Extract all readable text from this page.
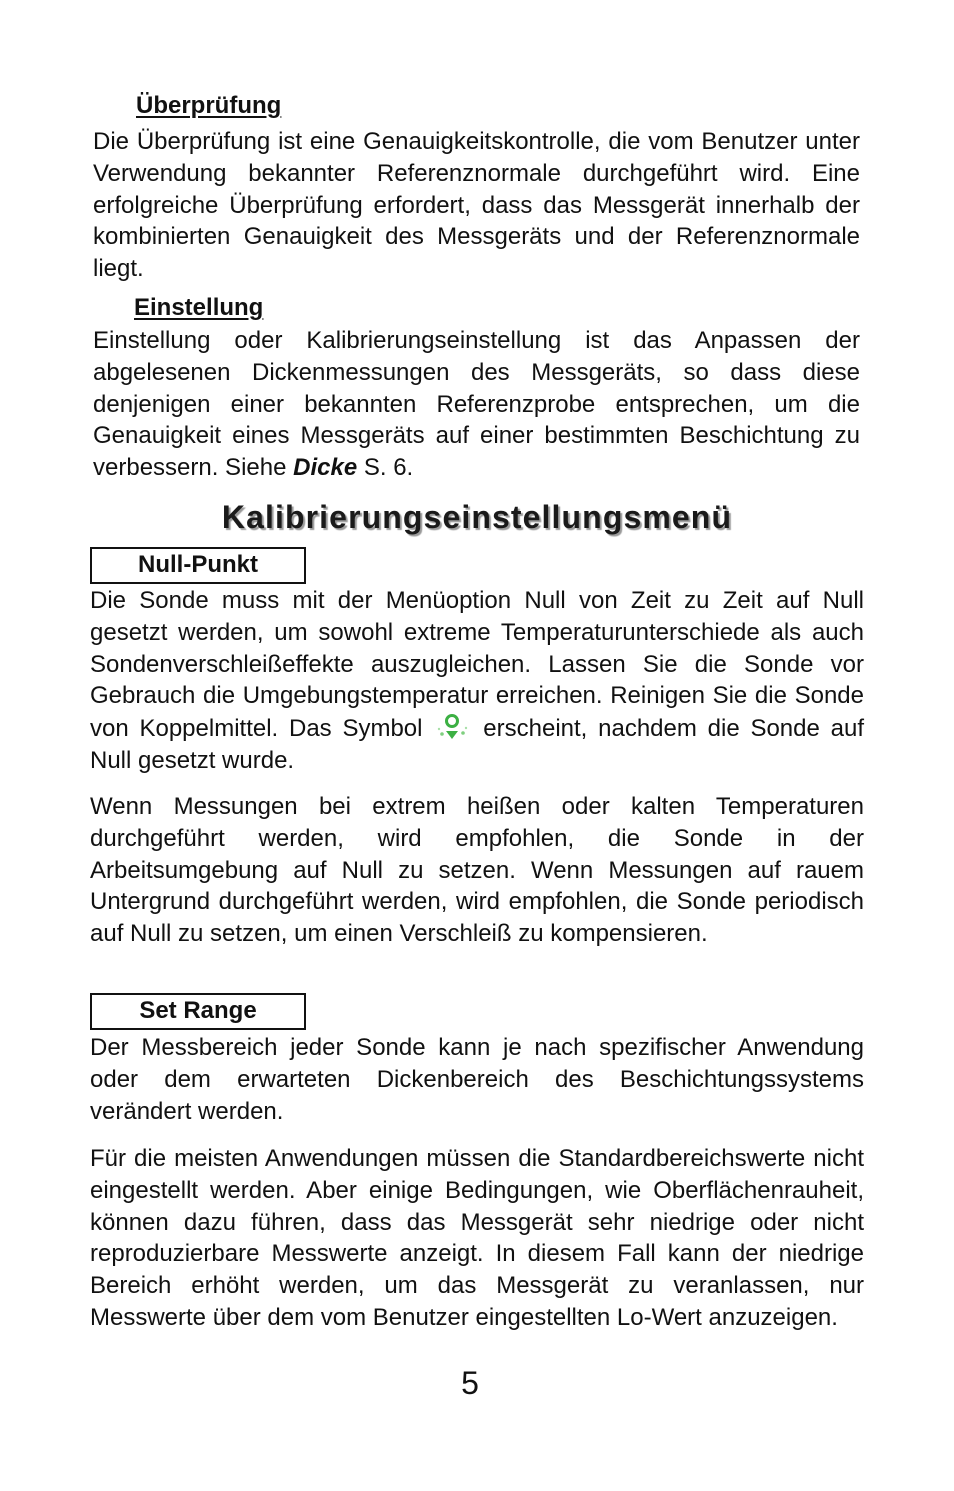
Überprüfung

Die Überprüfung ist eine Genauigkeitskontrolle, die vom Benutzer unter Verwendung bekannter Referenznormale durchgeführt wird. Eine erfolgreiche Überprüfung erfordert, dass das Messgerät innerhalb der kombinierten Genauigkeit des Messgeräts und der Referenznormale liegt.

Einstellung

Einstellung oder Kalibrierungseinstellung ist das Anpassen der abgelesenen Dickenmessungen des Messgeräts, so dass diese denjenigen einer bekannten Referenzprobe entsprechen, um die Genauigkeit eines Messgeräts auf einer bestimmten Beschichtung zu verbessern. Siehe Dicke S. 6.

Kalibrierungseinstellungsmenü
Null-Punkt

Die Sonde muss mit der Menüoption Null von Zeit zu Zeit auf Null gesetzt werden, um sowohl extreme Temperaturunterschiede als auch Sondenverschleißeffekte auszugleichen. Lassen Sie die Sonde vor Gebrauch die Umgebungstemperatur erreichen. Reinigen Sie die Sonde von Koppelmittel. Das Symbol	erscheint, nachdem die Sonde auf Null gesetzt wurde.

Wenn Messungen bei extrem heißen oder kalten Temperaturen durchgeführt werden, wird empfohlen, die Sonde in der Arbeitsumgebung auf Null zu setzen. Wenn Messungen auf rauem Untergrund durchgeführt werden, wird empfohlen, die Sonde periodisch auf Null zu setzen, um einen Verschleiß zu kompensieren.

Set Range

Der Messbereich jeder Sonde kann je nach spezifischer Anwendung oder dem erwarteten Dickenbereich des Beschichtungssystems verändert werden.

Für die meisten Anwendungen müssen die Standardbereichswerte nicht eingestellt werden. Aber einige Bedingungen, wie Oberflächenrauheit, können dazu führen, dass das Messgerät sehr niedrige oder nicht reproduzierbare Messwerte anzeigt. In diesem Fall kann der niedrige Bereich erhöht werden, um das Messgerät zu veranlassen, nur Messwerte über dem vom Benutzer eingestellten Lo-Wert anzuzeigen.

5
